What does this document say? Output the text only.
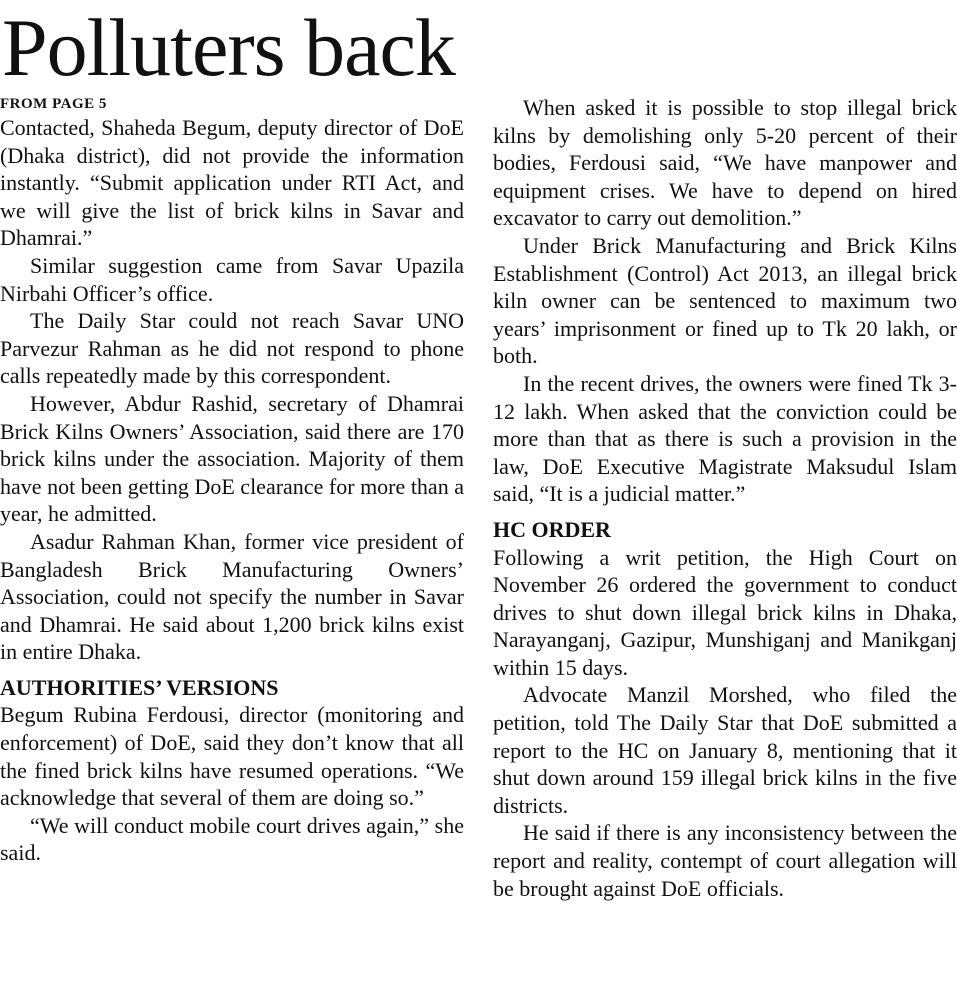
Polluters back

FROM PAGE 5

Contacted, Shaheda Begum, deputy director of DoE (Dhaka district), did not provide the information instantly. “Submit application under RTI Act, and we will give the list of brick kilns in Savar and Dhamrai.”

Similar suggestion came from Savar Upazila Nirbahi Officer’s office.

The Daily Star could not reach Savar UNO Parvezur Rahman as he did not respond to phone calls repeatedly made by this correspondent.

However, Abdur Rashid, secretary of Dhamrai Brick Kilns Owners’ Association, said there are 170 brick kilns under the association. Majority of them have not been getting DoE clearance for more than a year, he admitted.

Asadur Rahman Khan, former vice president of Bangladesh Brick Manufacturing Owners’ Association, could not specify the number in Savar and Dhamrai. He said about 1,200 brick kilns exist in entire Dhaka.

AUTHORITIES’ VERSIONS

Begum Rubina Ferdousi, director (monitoring and enforcement) of DoE, said they don’t know that all the fined brick kilns have resumed operations. “We acknowledge that several of them are doing so.”

“We will conduct mobile court drives again,” she said.

When asked it is possible to stop illegal brick kilns by demolishing only 5-20 percent of their bodies, Ferdousi said, “We have manpower and equipment crises. We have to depend on hired excavator to carry out demolition.”

Under Brick Manufacturing and Brick Kilns Establishment (Control) Act 2013, an illegal brick kiln owner can be sentenced to maximum two years’ imprisonment or fined up to Tk 20 lakh, or both.

In the recent drives, the owners were fined Tk 3-12 lakh. When asked that the conviction could be more than that as there is such a provision in the law, DoE Executive Magistrate Maksudul Islam said, “It is a judicial matter.”

HC ORDER

Following a writ petition, the High Court on November 26 ordered the government to conduct drives to shut down illegal brick kilns in Dhaka, Narayanganj, Gazipur, Munshiganj and Manikganj within 15 days.

Advocate Manzil Morshed, who filed the petition, told The Daily Star that DoE submitted a report to the HC on January 8, mentioning that it shut down around 159 illegal brick kilns in the five districts.

He said if there is any inconsistency between the report and reality, contempt of court allegation will be brought against DoE officials.
